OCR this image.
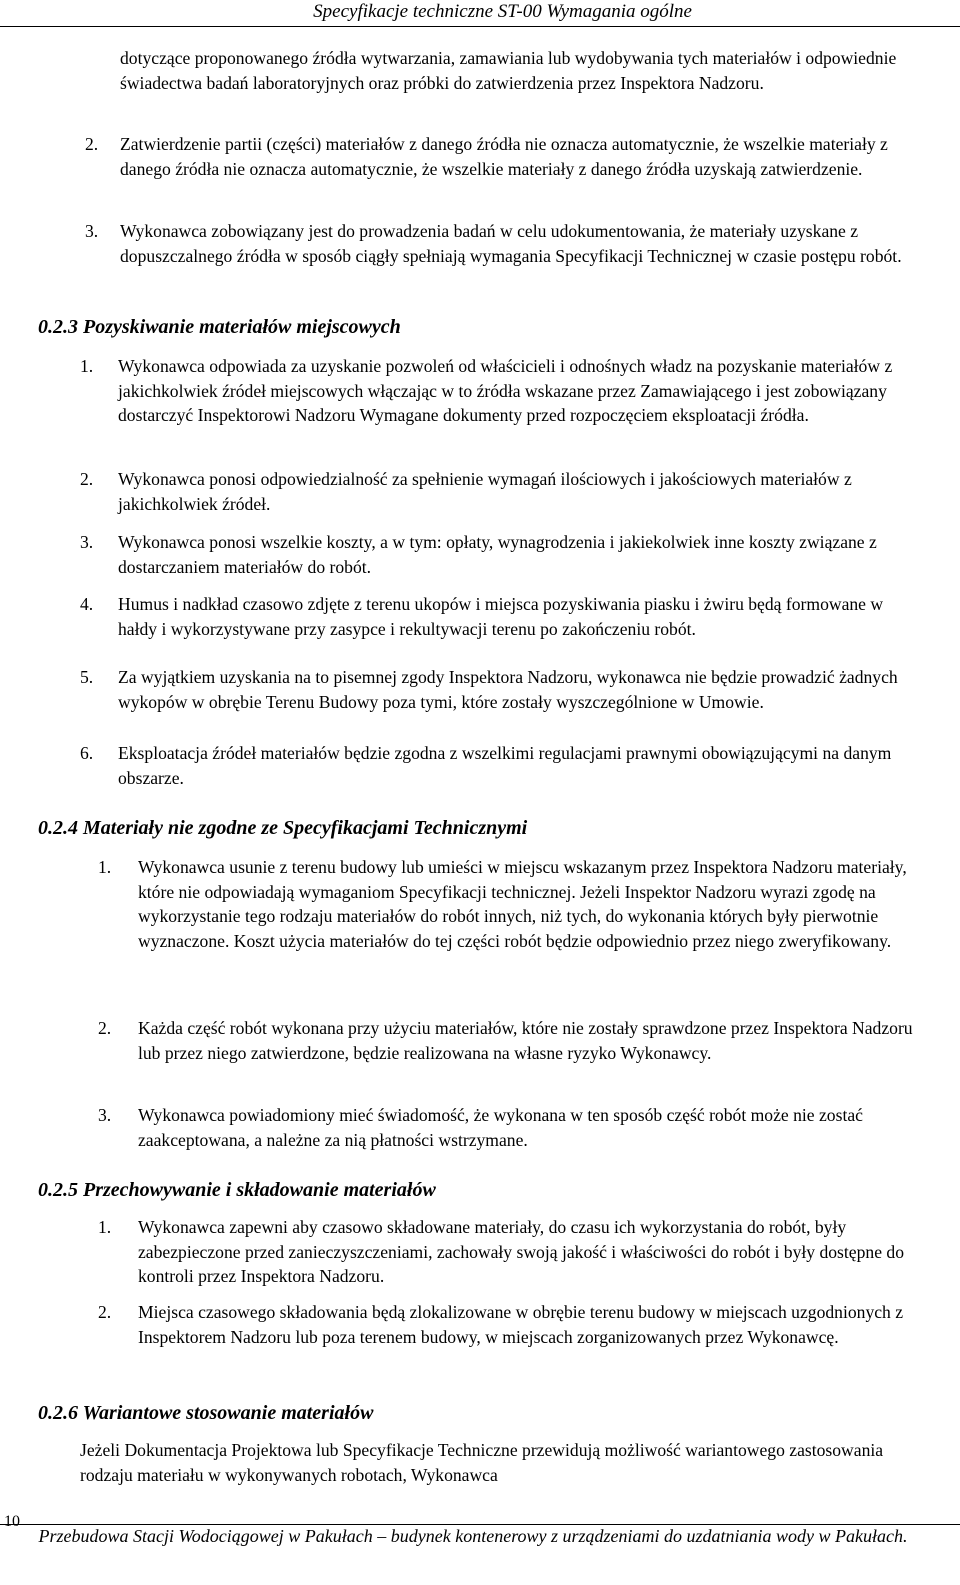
Specyfikacje techniczne ST-00 Wymagania ogólne

dotyczące proponowanego źródła wytwarzania, zamawiania lub wydobywania tych materiałów i odpowiednie świadectwa badań laboratoryjnych oraz próbki do zatwierdzenia przez Inspektora Nadzoru.

2. Zatwierdzenie partii (części) materiałów z danego źródła nie oznacza automatycznie, że wszelkie materiały z danego źródła nie oznacza automatycznie, że wszelkie materiały z danego źródła uzyskają zatwierdzenie.
3. Wykonawca zobowiązany jest do prowadzenia badań w celu udokumentowania, że materiały uzyskane z dopuszczalnego źródła w sposób ciągły spełniają wymagania Specyfikacji Technicznej w czasie postępu robót.
0.2.3 Pozyskiwanie materiałów miejscowych
1. Wykonawca odpowiada za uzyskanie pozwoleń od właścicieli i odnośnych władz na pozyskanie materiałów z jakichkolwiek źródeł miejscowych włączając w to źródła wskazane przez Zamawiającego i jest zobowiązany dostarczyć Inspektorowi Nadzoru Wymagane dokumenty przed rozpoczęciem eksploatacji źródła.
2. Wykonawca ponosi odpowiedzialność za spełnienie wymagań ilościowych i jakościowych materiałów z jakichkolwiek źródeł.
3. Wykonawca ponosi wszelkie koszty, a w tym: opłaty, wynagrodzenia i jakiekolwiek inne koszty związane z dostarczaniem materiałów do robót.
4. Humus i nadkład czasowo zdjęte z terenu ukopów i miejsca pozyskiwania piasku i żwiru będą formowane w hałdy i wykorzystywane przy zasypce i rekultywacji terenu po zakończeniu robót.
5. Za wyjątkiem uzyskania na to pisemnej zgody Inspektora Nadzoru, wykonawca nie będzie prowadzić żadnych wykopów w obrębie Terenu Budowy poza tymi, które zostały wyszczególnione w Umowie.
6. Eksploatacja źródeł materiałów będzie zgodna z wszelkimi regulacjami prawnymi obowiązującymi na danym obszarze.
0.2.4 Materiały nie zgodne ze Specyfikacjami Technicznymi
1. Wykonawca usunie z terenu budowy lub umieści w miejscu wskazanym przez Inspektora Nadzoru materiały, które nie odpowiadają wymaganiom Specyfikacji technicznej. Jeżeli Inspektor Nadzoru wyrazi zgodę na wykorzystanie tego rodzaju materiałów do robót innych, niż tych, do wykonania których były pierwotnie wyznaczone. Koszt użycia materiałów do tej części robót będzie odpowiednio przez niego zweryfikowany.
2. Każda część robót wykonana przy użyciu materiałów, które nie zostały sprawdzone przez Inspektora Nadzoru lub przez niego zatwierdzone, będzie realizowana na własne ryzyko Wykonawcy.
3. Wykonawca powiadomiony mieć świadomość, że wykonana w ten sposób część robót może nie zostać zaakceptowana, a należne za nią płatności wstrzymane.
0.2.5 Przechowywanie i składowanie materiałów
1. Wykonawca zapewni aby czasowo składowane materiały, do czasu ich wykorzystania do robót, były zabezpieczone przed zanieczyszczeniami, zachowały swoją jakość i właściwości do robót i były dostępne do kontroli przez Inspektora Nadzoru.
2. Miejsca czasowego składowania będą zlokalizowane w obrębie terenu budowy w miejscach uzgodnionych z Inspektorem Nadzoru lub poza terenem budowy, w miejscach zorganizowanych przez Wykonawcę.
0.2.6 Wariantowe stosowanie materiałów

Jeżeli Dokumentacja Projektowa lub Specyfikacje Techniczne przewidują możliwość wariantowego zastosowania rodzaju materiału w wykonywanych robotach, Wykonawca

10
Przebudowa Stacji Wodociągowej w Pakułach – budynek kontenerowy z urządzeniami do uzdatniania wody w Pakułach.
